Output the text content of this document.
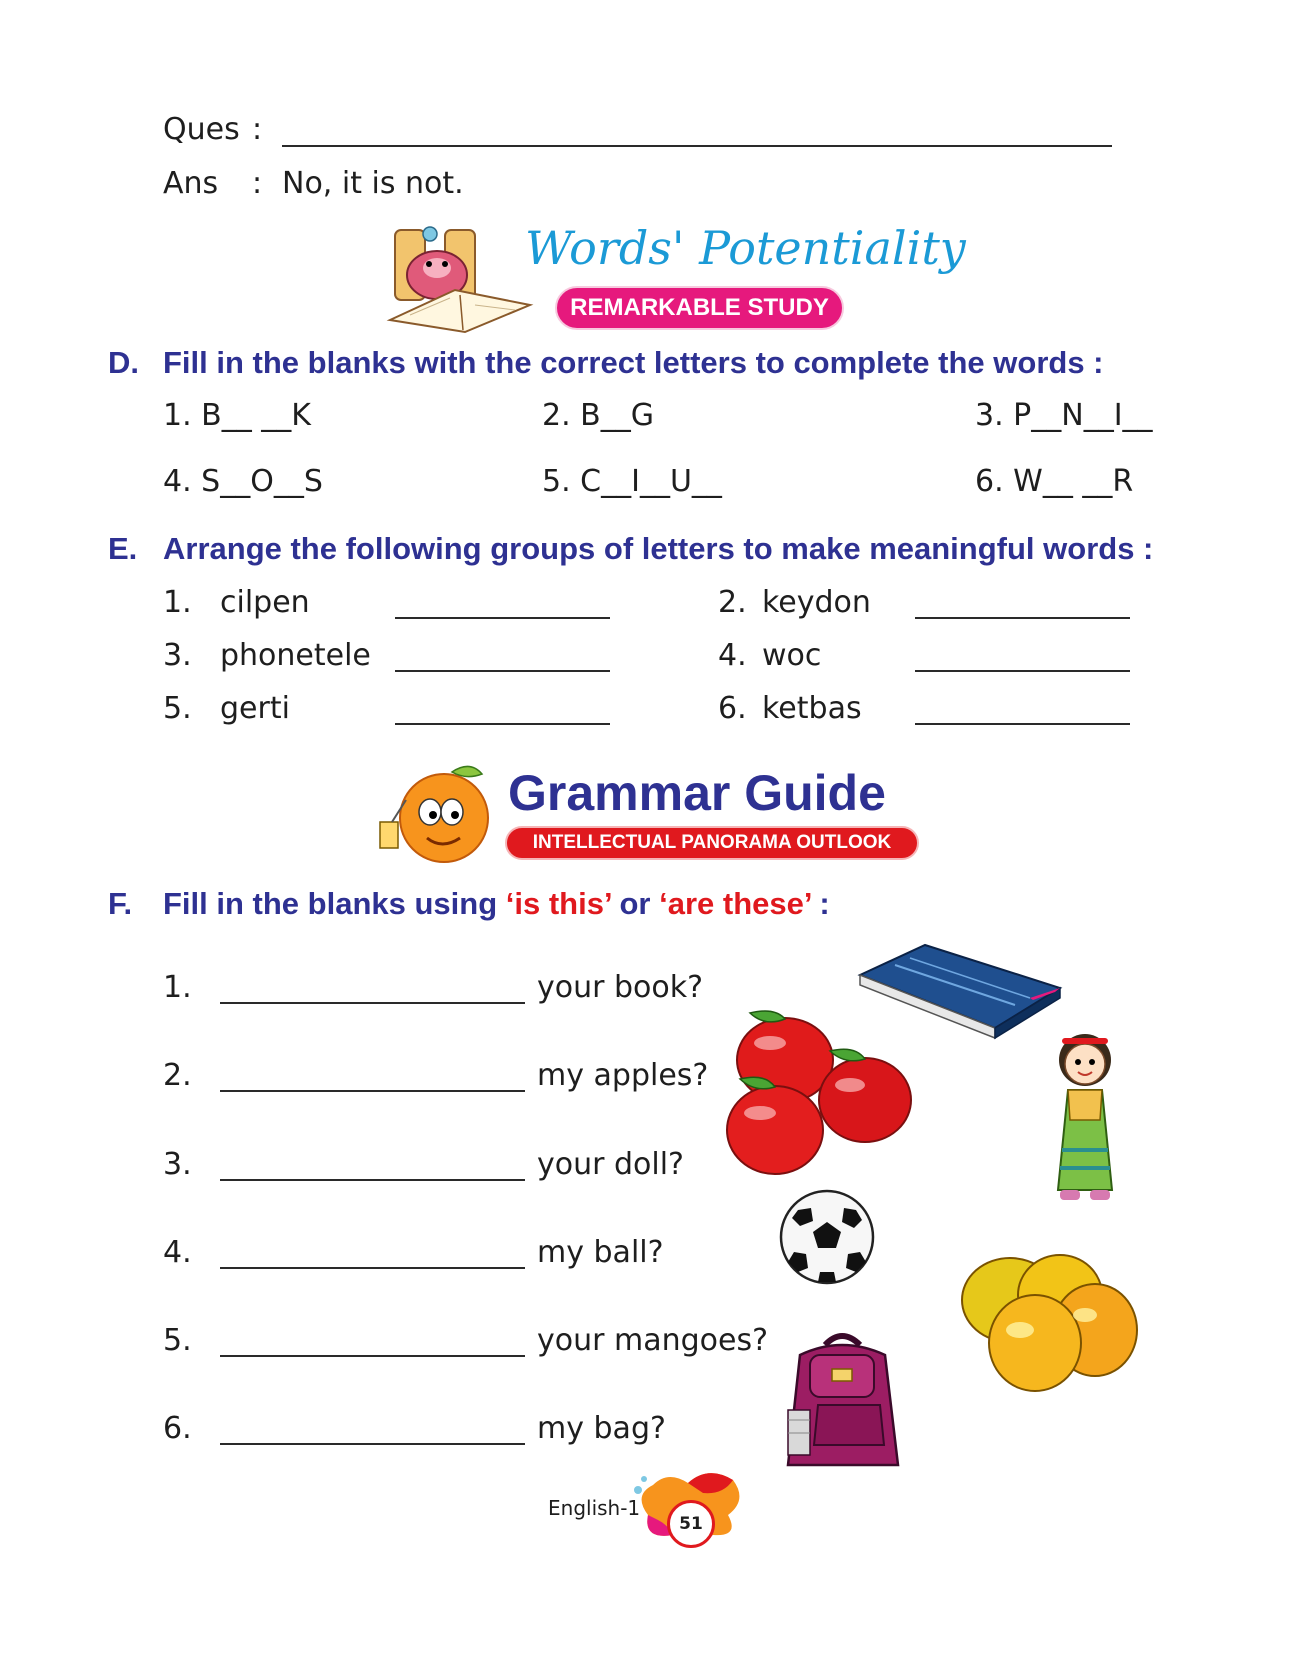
Ques :
Ans : No, it is not.
Words' Potentiality
REMARKABLE STUDY
D. Fill in the blanks with the correct letters to complete the words :
1. B__ __K	2. B__G	3. P__N__I__
4. S__O__S	5. C__I__U__	6. W__ __R
E. Arrange the following groups of letters to make meaningful words :
1. cilpen	2. keydon
3. phonetele	4. woc
5. gerti	6. ketbas
Grammar Guide
INTELLECTUAL PANORAMA OUTLOOK
F. Fill in the blanks using ‘is this’ or ‘are these’ :
1.	your book?
2.	my apples?
3.	your doll?
4.	my ball?
5.	your mangoes?
6.	my bag?
English-1
51
